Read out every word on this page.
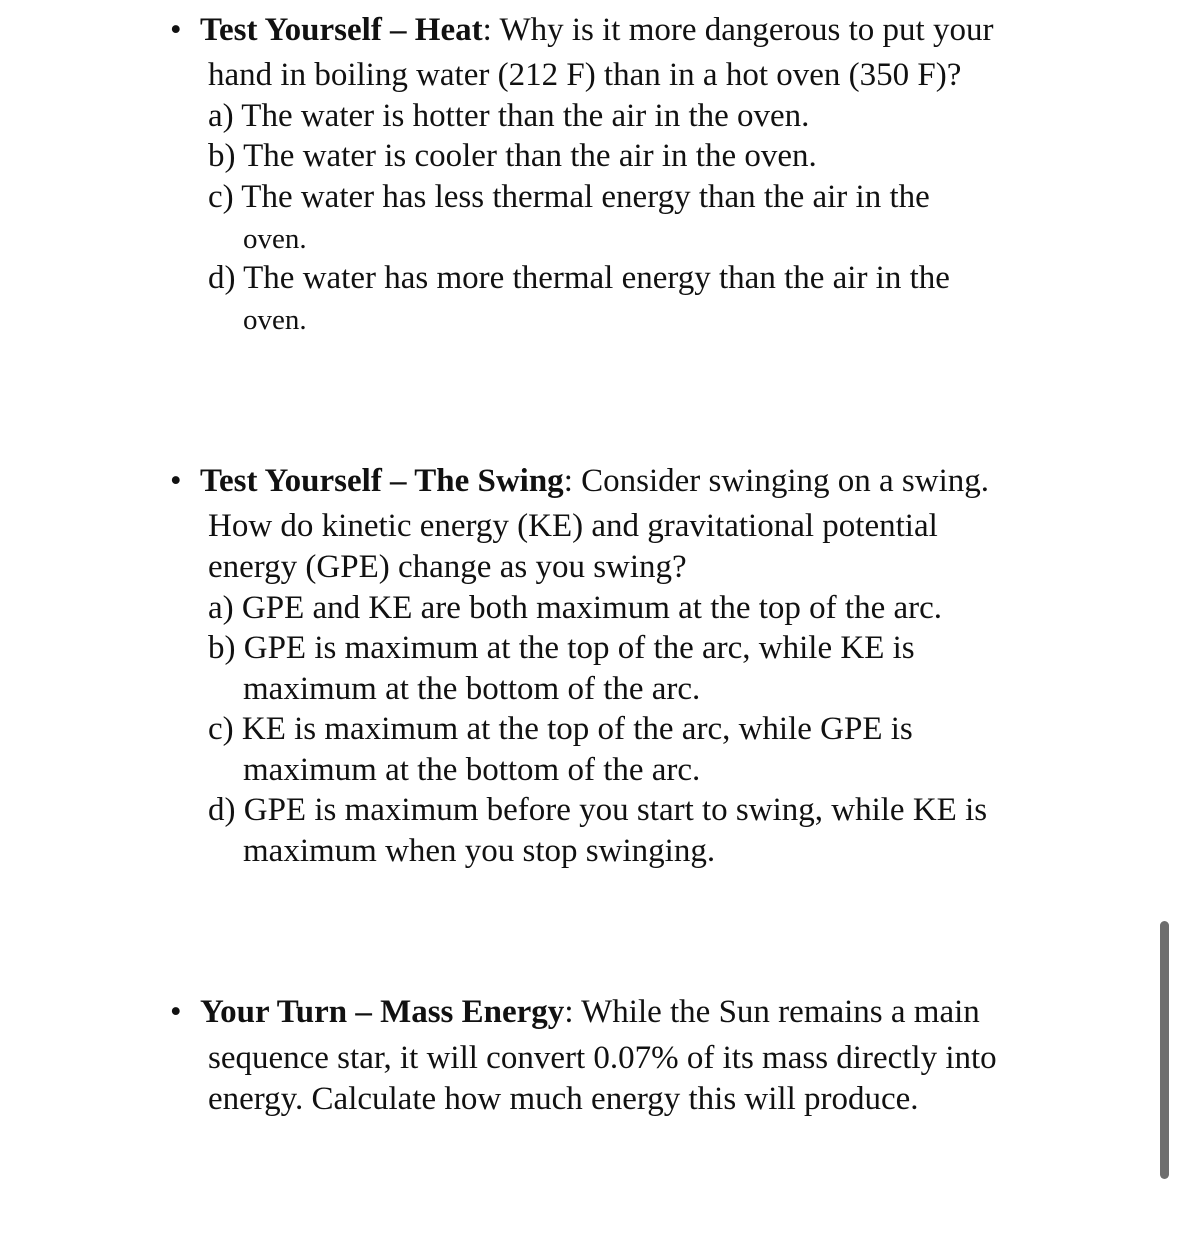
• Test Yourself – Heat: Why is it more dangerous to put your
hand in boiling water (212 F) than in a hot oven (350 F)?
a) The water is hotter than the air in the oven.
b) The water is cooler than the air in the oven.
c) The water has less thermal energy than the air in the
oven.
d) The water has more thermal energy than the air in the
oven.
• Test Yourself – The Swing: Consider swinging on a swing.
How do kinetic energy (KE) and gravitational potential
energy (GPE) change as you swing?
a) GPE and KE are both maximum at the top of the arc.
b) GPE is maximum at the top of the arc, while KE is
maximum at the bottom of the arc.
c) KE is maximum at the top of the arc, while GPE is
maximum at the bottom of the arc.
d) GPE is maximum before you start to swing, while KE is
maximum when you stop swinging.
• Your Turn – Mass Energy: While the Sun remains a main
sequence star, it will convert 0.07% of its mass directly into
energy. Calculate how much energy this will produce.
